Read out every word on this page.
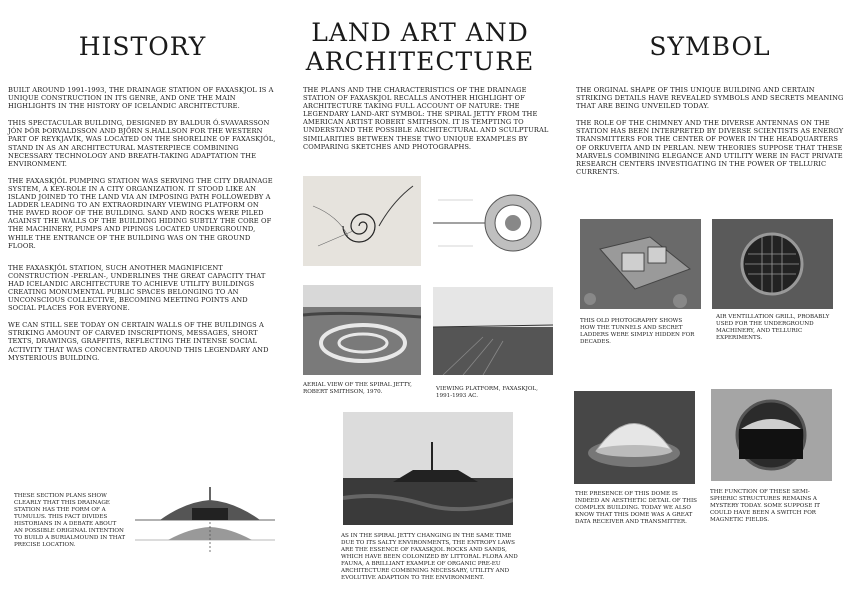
HISTORY

BUILT AROUND 1991-1993, THE DRAINAGE STATION OF FAXASKJOL IS A UNIQUE CONSTRUCTION IN ITS GENRE, AND ONE THE MAIN HIGHLIGHTS IN THE HISTORY OF ICELANDIC ARCHITECTURE.

THIS SPECTACULAR BUILDING, DESIGNED BY BALDUR Ó.SVAVARSSON JÓN ÞÓR ÞORVALDSSON AND BJÖRN S.HALLSON FOR THE WESTERN PART OF REYKJAVÍK, WAS LOCATED ON THE SHORELINE OF FAXASKJÓL, STAND IN AS AN ARCHITECTURAL MASTERPIECE COMBINING NECESSARY TECHNOLOGY AND BREATH-TAKING ADAPTATION THE ENVIRONMENT.

THE FAXASKJÓL PUMPING STATION WAS SERVING THE CITY DRAINAGE SYSTEM, A KEY-ROLE IN A CITY ORGANIZATION. IT STOOD LIKE AN ISLAND JOINED TO THE LAND VIA AN IMPOSING PATH FOLLOWEDBY A LADDER LEADING TO AN EXTRAORDINARY VIEWING PLATFORM ON THE PAVED ROOF OF THE BUILDING. SAND AND ROCKS WERE PILED AGAINST THE WALLS OF THE BUILDING HIDING SUBTLY THE CORE OF THE MACHINERY, PUMPS AND PIPINGS LOCATED UNDERGROUND, WHILE THE ENTRANCE OF THE BUILDING WAS ON THE GROUND FLOOR.

THE FAXASKJÓL STATION, SUCH ANOTHER MAGNIFICENT CONSTRUCTION -PERLAN-, UNDERLINES THE GREAT CAPACITY THAT HAD ICELANDIC ARCHITECTURE TO ACHIEVE UTILITY BUILDINGS CREATING MONUMENTAL PUBLIC SPACES BELONGING TO AN UNCONSCIOUS COLLECTIVE, BECOMING MEETING POINTS AND SOCIAL PLACES FOR EVERYONE.

WE CAN STILL SEE TODAY ON CERTAIN WALLS OF THE BUILDINGS A STRIKING AMOUNT OF CARVED INSCRIPTIONS, MESSAGES, SHORT TEXTS, DRAWINGS, GRAFFITIS, REFLECTING THE INTENSE SOCIAL ACTIVITY THAT WAS CONCENTRATED AROUND THIS LEGENDARY AND MYSTERIOUS BUILDING.

THESE SECTION PLANS SHOW CLEARLY THAT THIS DRAINAGE STATION HAS THE FORM OF A TUMULUS. THIS FACT DIVIDES HISTORIANS IN A DEBATE ABOUT AN POSSIBLE ORIGINAL INTENTION TO BUILD A BURIALMOUND IN THAT PRECISE LOCATION.

LAND ART AND
ARCHITECTURE

THE PLANS AND THE CHARACTERISTICS OF THE DRAINAGE STATION OF FAXASKJOL RECALLS ANOTHER HIGHLIGHT OF ARCHITECTURE TAKING FULL ACCOUNT OF NATURE: THE LEGENDARY LAND-ART SYMBOL: THE SPIRAL JETTY FROM THE AMERICAN ARTIST ROBERT SMITHSON. IT IS TEMPTING TO UNDERSTAND THE POSSIBLE ARCHITECTURAL AND SCULPTURAL SIMILARITIES BETWEEN THESE TWO UNIQUE EXAMPLES BY COMPARING SKETCHES AND PHOTOGRAPHS.

AERIAL VIEW OF THE SPIRAL JETTY, ROBERT SMITHSON, 1970.	VIEWING PLATFORM, FAXASKJOL, 1991-1993 AC.

AS IN THE SPIRAL JETTY CHANGING IN THE SAME TIME DUE TO ITS SALTY ENVIRONMENTS, THE ENTROPY LAWS ARE THE ESSENCE OF FAXASKJOL ROCKS AND SANDS, WHICH HAVE BEEN COLONIZED BY LITTORAL FLORA AND FAUNA, A BRILLIANT EXAMPLE OF ORGANIC PRE-EU ARCHITECTURE COMBINING NECESSARY, UTILITY AND EVOLUTIVE ADAPTION TO THE ENVIRONMENT.

SYMBOL

THE ORGINAL SHAPE OF THIS UNIQUE BUILDING AND CERTAIN STRIKING DETAILS HAVE REVEALED SYMBOLS AND SECRETS MEANING THAT ARE BEING UNVEILED TODAY.

THE ROLE OF THE CHIMNEY AND THE DIVERSE ANTENNAS ON THE STATION HAS BEEN INTERPRETED BY DIVERSE SCIENTISTS AS ENERGY TRANSMITTERS FOR THE CENTER OF POWER IN THE HEADQUARTERS OF ORKUVEITA AND IN PERLAN. NEW THEORIES SUPPOSE THAT THESE MARVELS COMBINING ELEGANCE AND UTILITY WERE IN FACT PRIVATE RESEARCH CENTERS INVESTIGATING IN THE POWER OF TELLURIC CURRENTS.

THIS OLD PHOTOGRAPHY SHOWS HOW THE TUNNELS AND SECRET LADDERS WERE SIMPLY HIDDEN FOR DECADES.

AIR VENTILLATION GRILL, PROBABLY USED FOR THE UNDERGROUND MACHINERY, AND TELLURIC EXPERIMENTS.

THE PRESENCE OF THIS DOME IS INDEED AN AESTHETIC DETAIL OF THIS COMPLEX BUILDING. TODAY WE ALSO KNOW THAT THIS DOME WAS A GREAT DATA RECEIVER AND TRANSMITTER.

THE FUNCTION OF THESE SEMI-SPHERIC STRUCTURES REMAINS A MYSTERY TODAY. SOME SUPPOSE IT COULD HAVE BEEN A SWITCH FOR MAGNETIC FIELDS.
